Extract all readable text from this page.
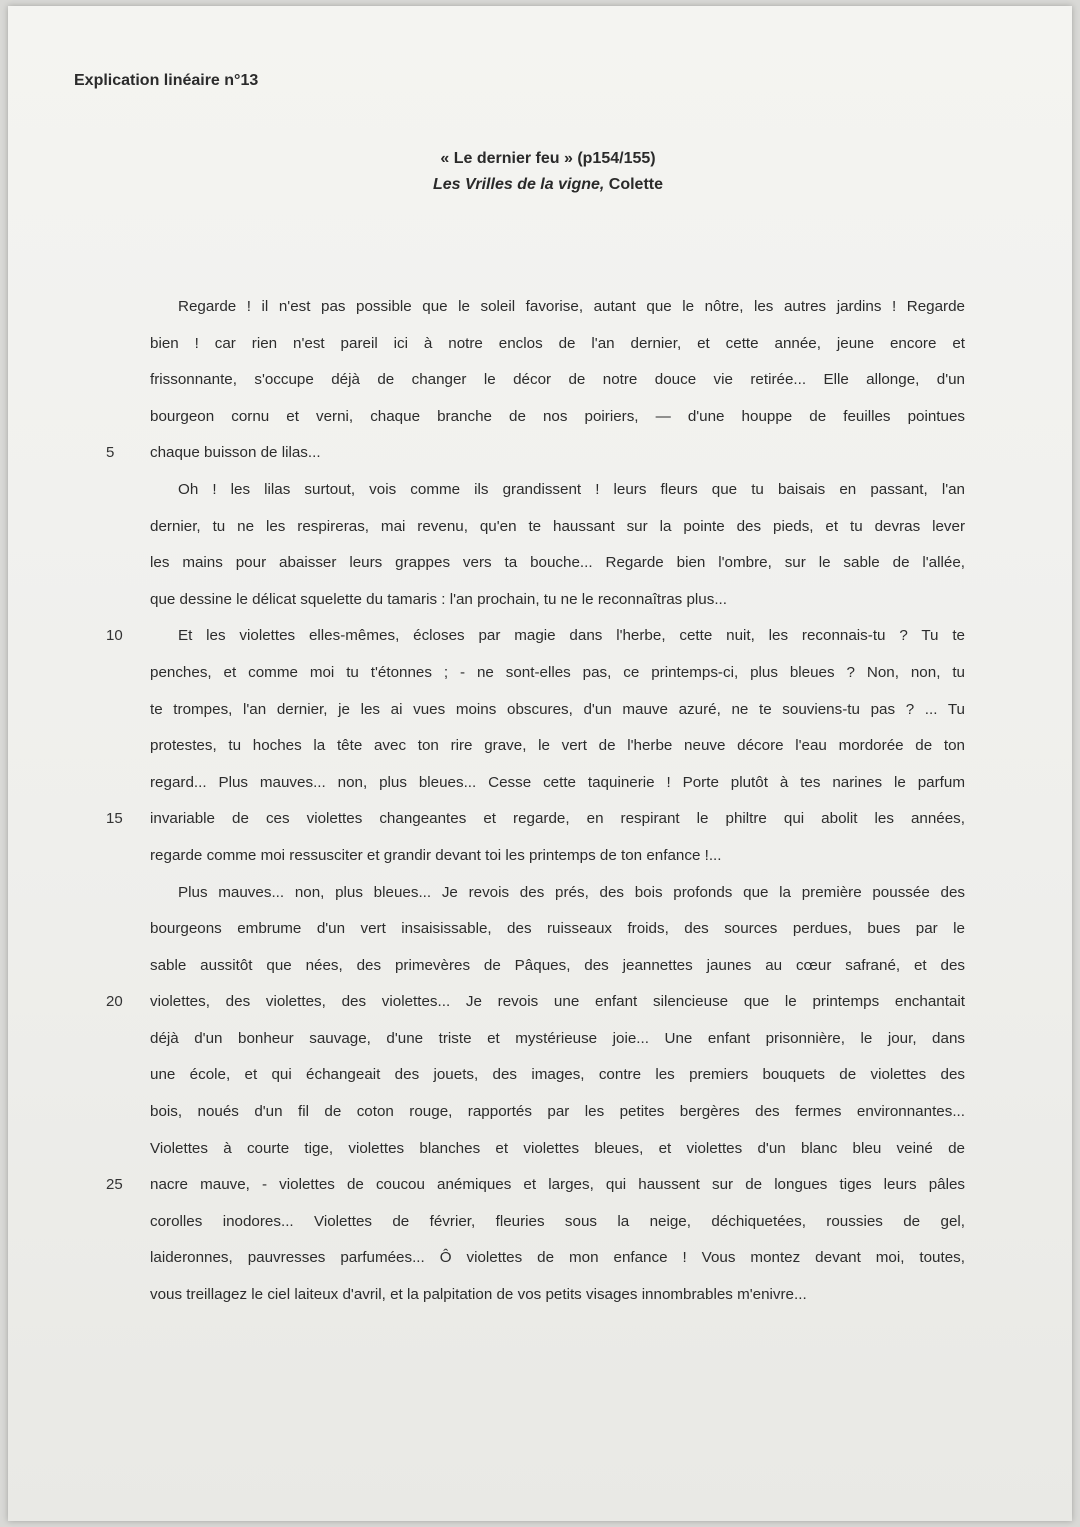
Explication linéaire n°13
« Le dernier feu » (p154/155)
Les Vrilles de la vigne, Colette
Regarde ! il n'est pas possible que le soleil favorise, autant que le nôtre, les autres jardins ! Regarde
bien ! car rien n'est pareil ici à notre enclos de l'an dernier, et cette année, jeune encore et
frissonnante, s'occupe déjà de changer le décor de notre douce vie retirée... Elle allonge, d'un
bourgeon cornu et verni, chaque branche de nos poiriers, — d'une houppe de feuilles pointues
5	chaque buisson de lilas...
Oh ! les lilas surtout, vois comme ils grandissent ! leurs fleurs que tu baisais en passant, l'an
dernier, tu ne les respireras, mai revenu, qu'en te haussant sur la pointe des pieds, et tu devras lever
les mains pour abaisser leurs grappes vers ta bouche... Regarde bien l'ombre, sur le sable de l'allée,
que dessine le délicat squelette du tamaris : l'an prochain, tu ne le reconnaîtras plus...
10	Et les violettes elles-mêmes, écloses par magie dans l'herbe, cette nuit, les reconnais-tu ? Tu te
penches, et comme moi tu t'étonnes ; - ne sont-elles pas, ce printemps-ci, plus bleues ? Non, non, tu
te trompes, l'an dernier, je les ai vues moins obscures, d'un mauve azuré, ne te souviens-tu pas ? ... Tu
protestes, tu hoches la tête avec ton rire grave, le vert de l'herbe neuve décore l'eau mordorée de ton
regard... Plus mauves... non, plus bleues... Cesse cette taquinerie ! Porte plutôt à tes narines le parfum
15	invariable de ces violettes changeantes et regarde, en respirant le philtre qui abolit les années,
regarde comme moi ressusciter et grandir devant toi les printemps de ton enfance !...
Plus mauves... non, plus bleues... Je revois des prés, des bois profonds que la première poussée des
bourgeons embrume d'un vert insaisissable, des ruisseaux froids, des sources perdues, bues par le
sable aussitôt que nées, des primevères de Pâques, des jeannettes jaunes au cœur safrané, et des
20	violettes, des violettes, des violettes... Je revois une enfant silencieuse que le printemps enchantait
déjà d'un bonheur sauvage, d'une triste et mystérieuse joie... Une enfant prisonnière, le jour, dans
une école, et qui échangeait des jouets, des images, contre les premiers bouquets de violettes des
bois, noués d'un fil de coton rouge, rapportés par les petites bergères des fermes environnantes...
Violettes à courte tige, violettes blanches et violettes bleues, et violettes d'un blanc bleu veiné de
25	nacre mauve, - violettes de coucou anémiques et larges, qui haussent sur de longues tiges leurs pâles
corolles inodores... Violettes de février, fleuries sous la neige, déchiquetées, roussies de gel,
laideronnes, pauvresses parfumées... Ô violettes de mon enfance ! Vous montez devant moi, toutes,
vous treillagez le ciel laiteux d'avril, et la palpitation de vos petits visages innombrables m'enivre...
